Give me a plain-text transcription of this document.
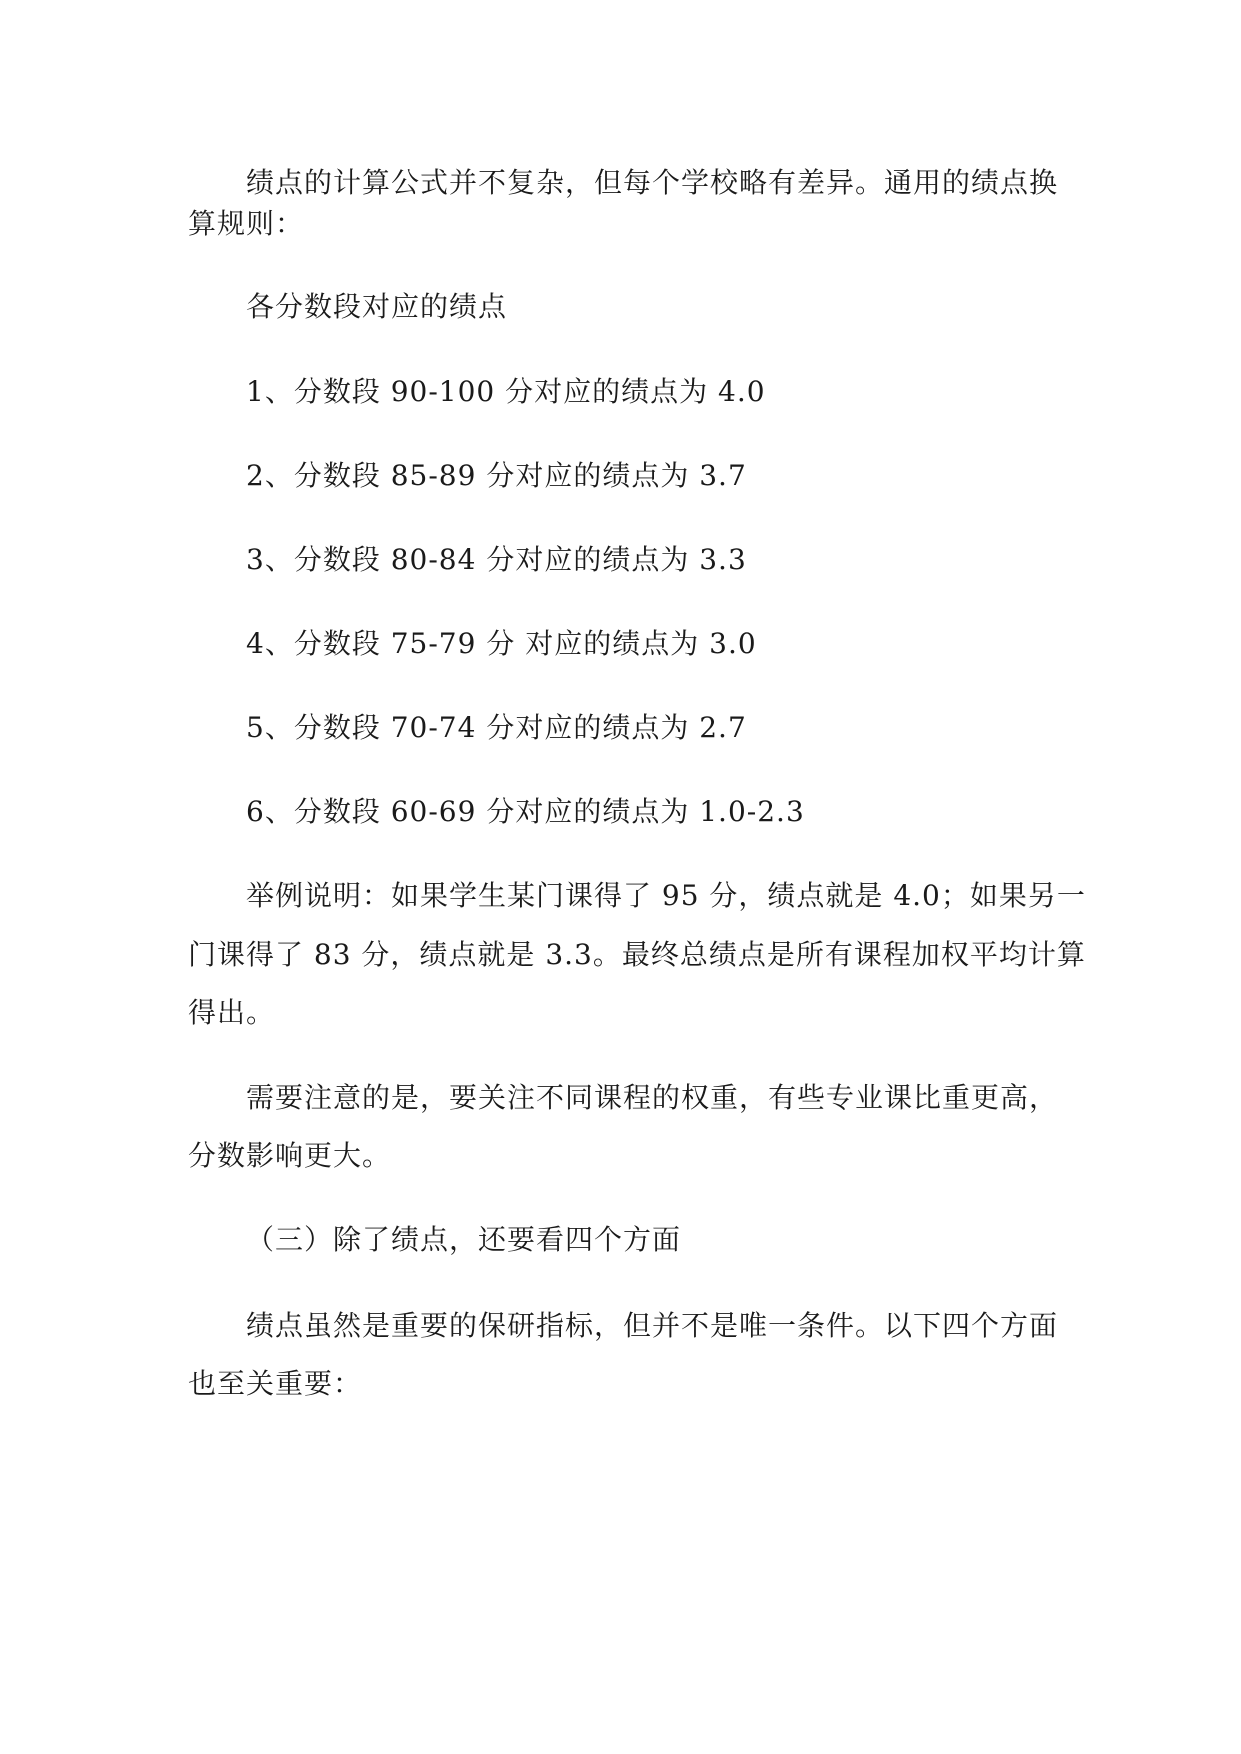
绩点的计算公式并不复杂，但每个学校略有差异。通用的绩点换
算规则：
各分数段对应的绩点
1、分数段 90-100 分对应的绩点为 4.0
2、分数段 85-89 分对应的绩点为 3.7
3、分数段 80-84 分对应的绩点为 3.3
4、分数段 75-79 分 对应的绩点为 3.0
5、分数段 70-74 分对应的绩点为 2.7
6、分数段 60-69 分对应的绩点为 1.0-2.3
举例说明：如果学生某门课得了 95 分，绩点就是 4.0；如果另一
门课得了 83 分，绩点就是 3.3。最终总绩点是所有课程加权平均计算
得出。
需要注意的是，要关注不同课程的权重，有些专业课比重更高，
分数影响更大。
（三）除了绩点，还要看四个方面
绩点虽然是重要的保研指标，但并不是唯一条件。以下四个方面
也至关重要：
